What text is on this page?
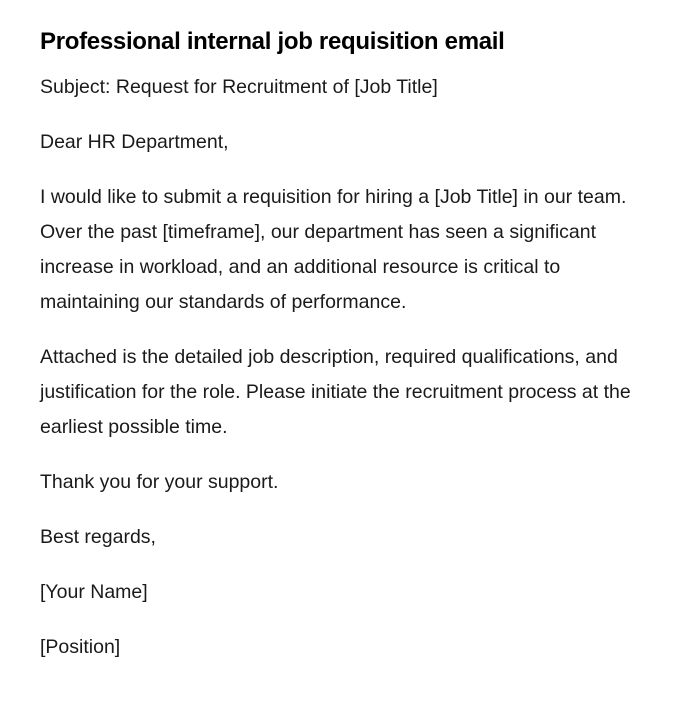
Professional internal job requisition email

Subject: Request for Recruitment of [Job Title]

Dear HR Department,

I would like to submit a requisition for hiring a [Job Title] in our team. Over the past [timeframe], our department has seen a significant increase in workload, and an additional resource is critical to maintaining our standards of performance.

Attached is the detailed job description, required qualifications, and justification for the role. Please initiate the recruitment process at the earliest possible time.

Thank you for your support.

Best regards,

[Your Name]

[Position]
